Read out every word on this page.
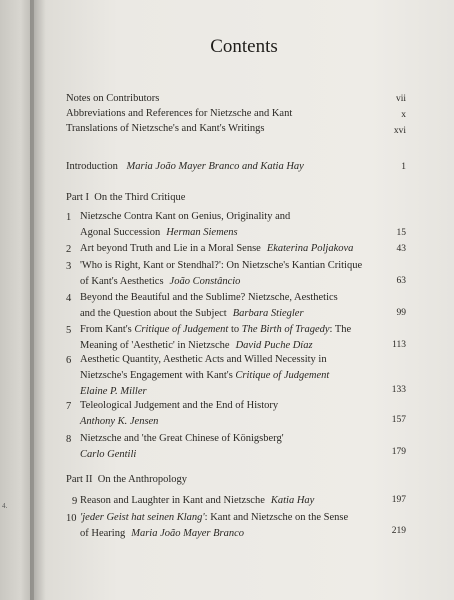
4.
Contents
Notes on Contributors	vii
Abbreviations and References for Nietzsche and Kant	x
Translations of Nietzsche's and Kant's Writings	xvi
Introduction Maria João Mayer Branco and Katia Hay	1
Part I On the Third Critique
1 Nietzsche Contra Kant on Genius, Originality and
Agonal Succession Herman Siemens	15
2 Art beyond Truth and Lie in a Moral Sense Ekaterina Poljakova	43
3 'Who is Right, Kant or Stendhal?': On Nietzsche's Kantian Critique
of Kant's Aesthetics João Constâncio	63
4 Beyond the Beautiful and the Sublime? Nietzsche, Aesthetics
and the Question about the Subject Barbara Stiegler	99
5 From Kant's Critique of Judgement to The Birth of Tragedy: The
Meaning of 'Aesthetic' in Nietzsche David Puche Díaz	113
6 Aesthetic Quantity, Aesthetic Acts and Willed Necessity in
Nietzsche's Engagement with Kant's Critique of Judgement
Elaine P. Miller	133
7 Teleological Judgement and the End of History
Anthony K. Jensen	157
8 Nietzsche and 'the Great Chinese of Königsberg'
Carlo Gentili	179
Part II On the Anthropology
9 Reason and Laughter in Kant and Nietzsche Katia Hay	197
10 'jeder Geist hat seinen Klang': Kant and Nietzsche on the Sense
of Hearing Maria João Mayer Branco	219
